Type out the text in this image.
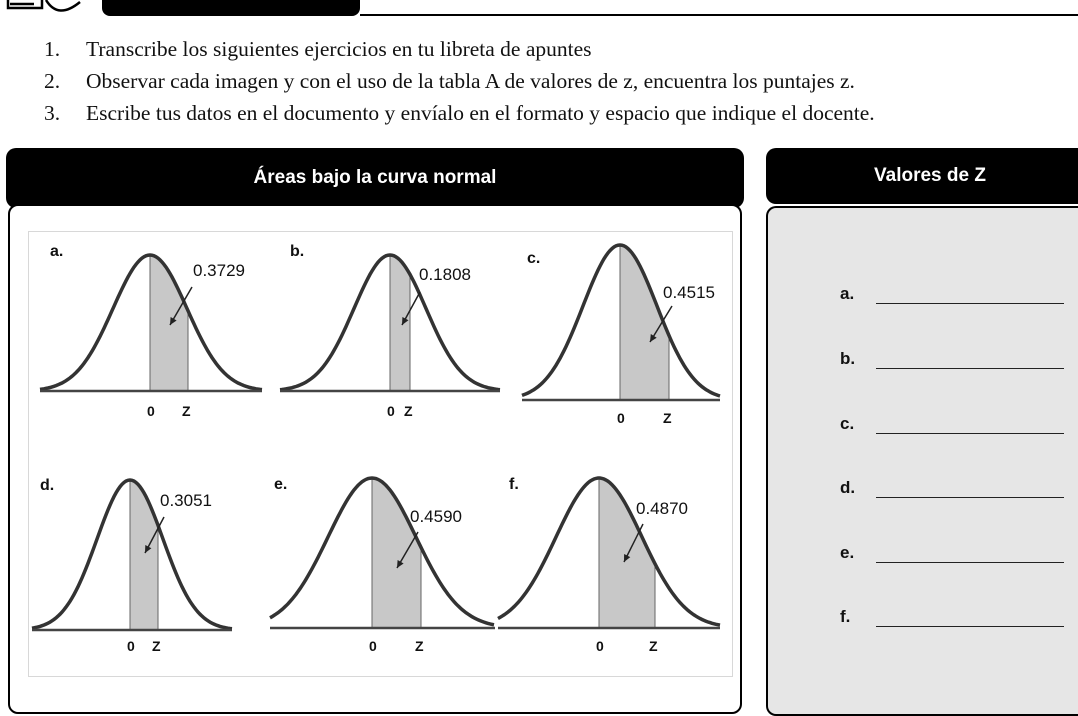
1. Transcribe los siguientes ejercicios en tu libreta de apuntes
2. Observar cada imagen y con el uso de la tabla A de valores de z, encuentra los puntajes z.
3. Escribe tus datos en el documento y envíalo en el formato y espacio que indique el docente.
Áreas bajo la curva normal	Valores de Z
a.
0.3729
0 Z
b.
0.1808
0 Z
c.
0.4515
0	Z
d.
0.3051
0 Z
e.
0.4590
0	Z
f.
0.4870
0	Z
a.
b.
c.
d.
e.
f.
